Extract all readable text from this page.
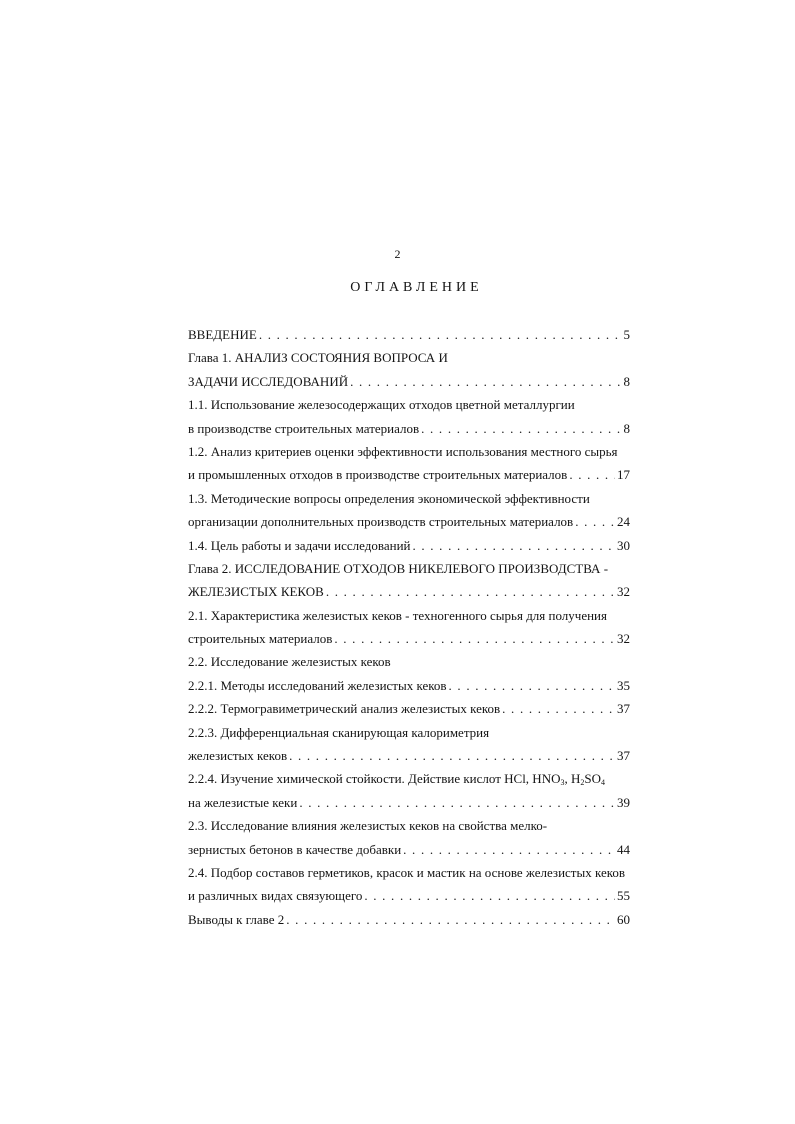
2
ОГЛАВЛЕНИЕ
ВВЕДЕНИЕ . . .	5
Глава 1. АНАЛИЗ СОСТОЯНИЯ ВОПРОСА И
ЗАДАЧИ ИССЛЕДОВАНИЙ . . .	8
1.1. Использование железосодержащих отходов цветной металлургии
в производстве строительных материалов . . .	8
1.2. Анализ критериев оценки эффективности использования местного сырья
и промышленных отходов в производстве строительных материалов . . .	17
1.3. Методические вопросы определения экономической эффективности
организации дополнительных производств строительных материалов . . .	24
1.4. Цель работы и задачи исследований . . .	30
Глава 2. ИССЛЕДОВАНИЕ ОТХОДОВ НИКЕЛЕВОГО ПРОИЗВОДСТВА -
ЖЕЛЕЗИСТЫХ КЕКОВ . . .	32
2.1. Характеристика железистых кеков - техногенного сырья для получения
строительных материалов . . .	32
2.2. Исследование железистых кеков
2.2.1. Методы исследований железистых кеков . . .	35
2.2.2. Термогравиметрический анализ железистых кеков . . .	37
2.2.3. Дифференциальная сканирующая калориметрия
железистых кеков . . .	37
2.2.4. Изучение химической стойкости. Действие кислот HCl, $HNO_3$, $H_2SO_4$
на железистые кеки . . .	39
2.3. Исследование влияния железистых кеков на свойства мелко-
зернистых бетонов в качестве добавки . . .	44
2.4. Подбор составов герметиков, красок и мастик на основе железистых кеков
и различных видах связующего . . .	55
Выводы к главе 2 . . .	60
